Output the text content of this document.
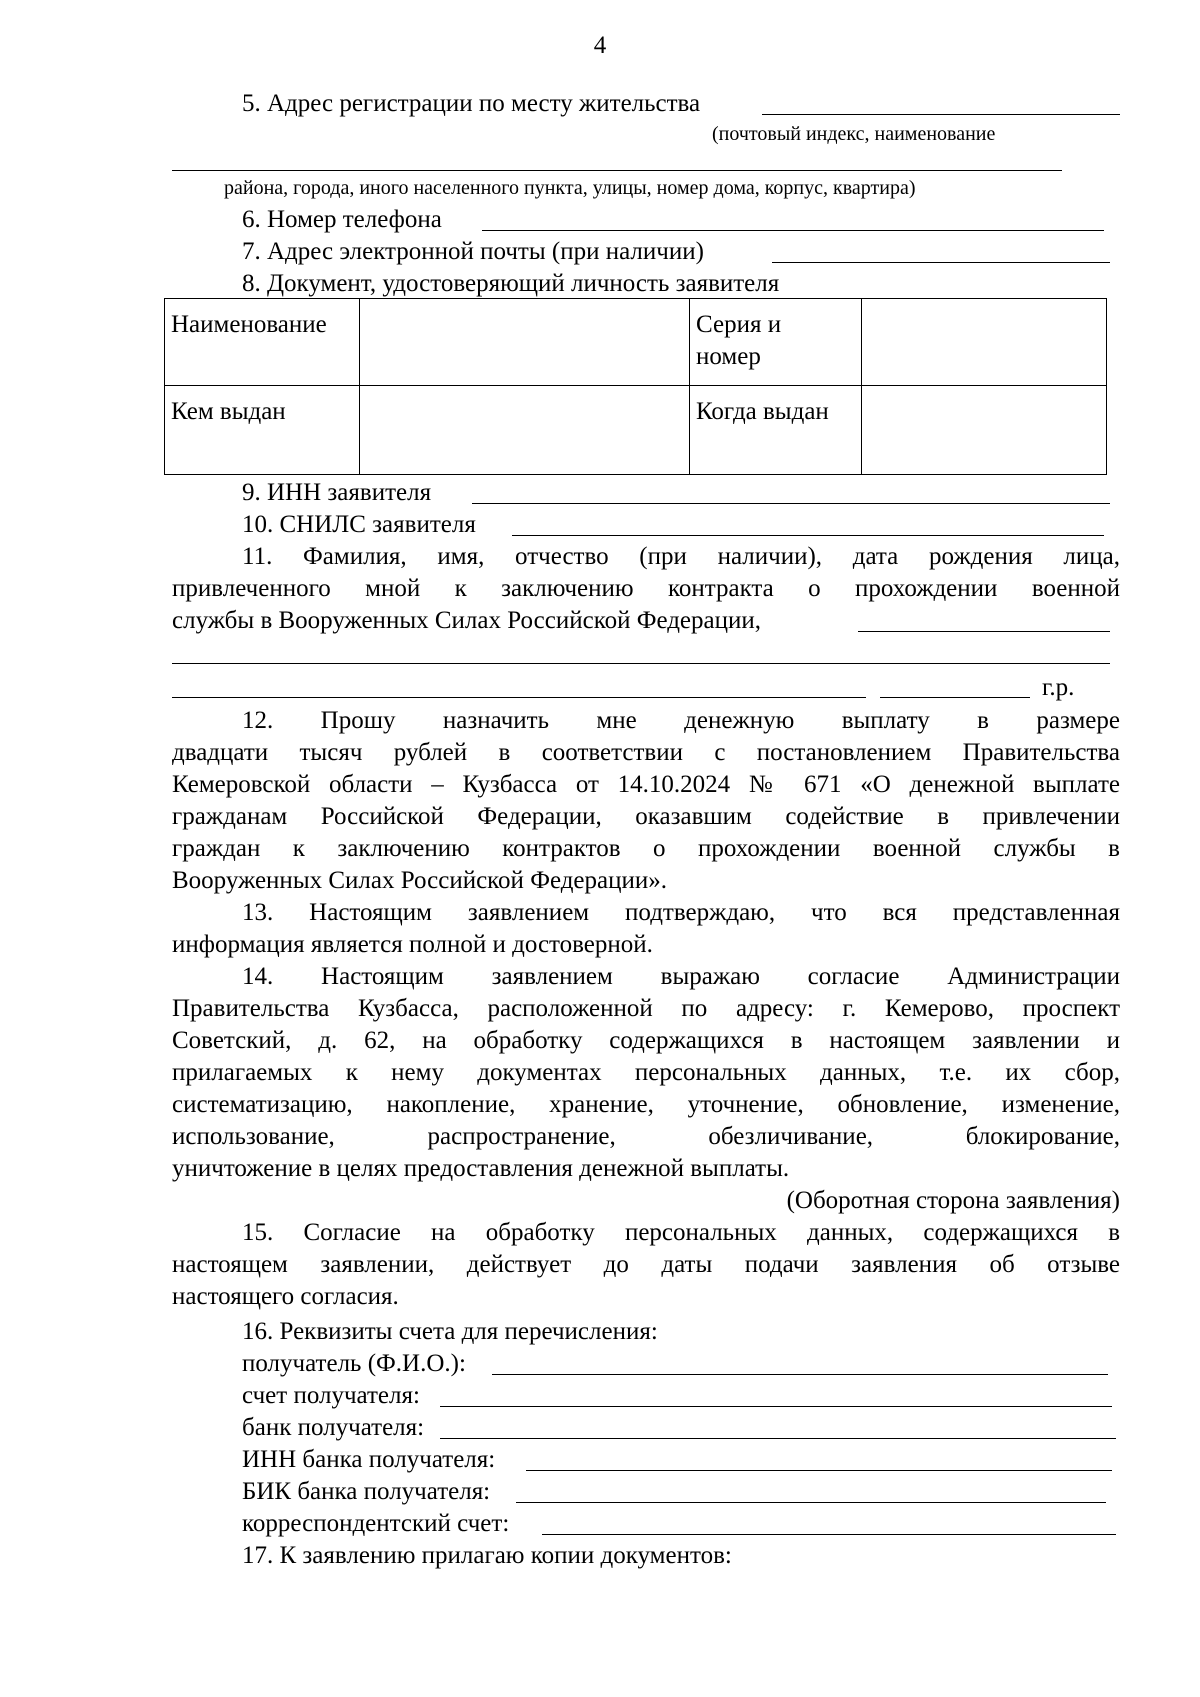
4
5. Адрес регистрации по месту жительства
(почтовый индекс, наименование
района, города, иного населенного пункта, улицы, номер дома, корпус, квартира)
6. Номер телефона
7. Адрес электронной почты (при наличии)
8. Документ, удостоверяющий личность заявителя
Наименование		Серия и
номер	
Кем выдан		Когда выдан	
9. ИНН заявителя
10. СНИЛС заявителя
11. Фамилия, имя, отчество (при наличии), дата рождения лица,
привлеченного мной к заключению контракта о прохождении военной
службы в Вооруженных Силах Российской Федерации,
г.р.
12. Прошу назначить мне денежную выплату в размере
двадцати тысяч рублей в соответствии с постановлением Правительства
Кемеровской области – Кузбасса от 14.10.2024 № 671 «О денежной выплате
гражданам Российской Федерации, оказавшим содействие в привлечении
граждан к заключению контрактов о прохождении военной службы в
Вооруженных Силах Российской Федерации».
13. Настоящим заявлением подтверждаю, что вся представленная
информация является полной и достоверной.
14. Настоящим заявлением выражаю согласие Администрации
Правительства Кузбасса, расположенной по адресу: г. Кемерово, проспект
Советский, д. 62, на обработку содержащихся в настоящем заявлении и
прилагаемых к нему документах персональных данных, т.е. их сбор,
систематизацию, накопление, хранение, уточнение, обновление, изменение,
использование, распространение, обезличивание, блокирование,
уничтожение в целях предоставления денежной выплаты.
(Оборотная сторона заявления)
15. Согласие на обработку персональных данных, содержащихся в
настоящем заявлении, действует до даты подачи заявления об отзыве
настоящего согласия.
16. Реквизиты счета для перечисления:
получатель (Ф.И.О.):
счет получателя:
банк получателя:
ИНН банка получателя:
БИК банка получателя:
корреспондентский счет:
17. К заявлению прилагаю копии документов:
